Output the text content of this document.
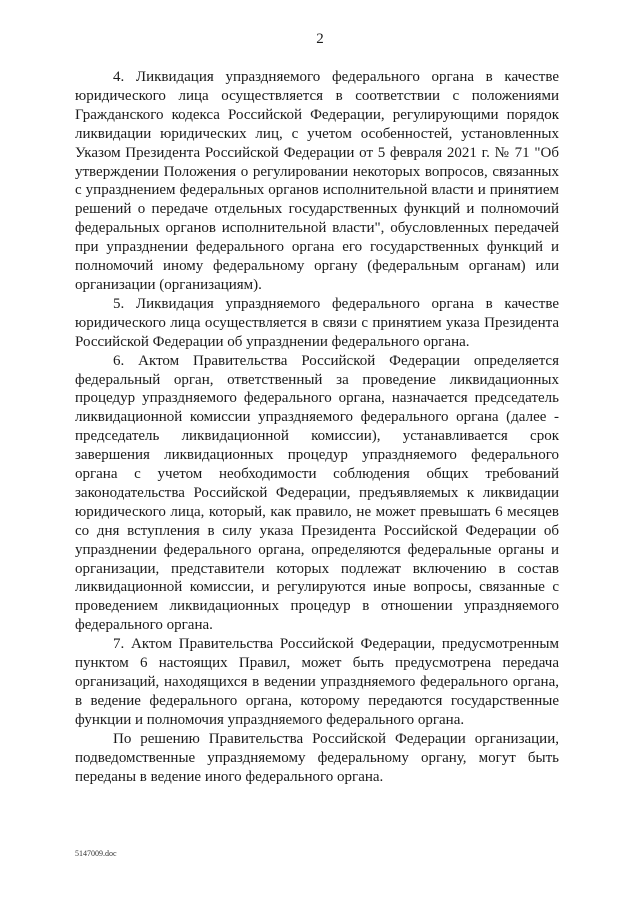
2

4. Ликвидация упраздняемого федерального органа в качестве юридического лица осуществляется в соответствии с положениями Гражданского кодекса Российской Федерации, регулирующими порядок ликвидации юридических лиц, с учетом особенностей, установленных Указом Президента Российской Федерации от 5 февраля 2021 г. № 71 "Об утверждении Положения о регулировании некоторых вопросов, связанных с упразднением федеральных органов исполнительной власти и принятием решений о передаче отдельных государственных функций и полномочий федеральных органов исполнительной власти", обусловленных передачей при упразднении федерального органа его государственных функций и полномочий иному федеральному органу (федеральным органам) или организации (организациям).

5. Ликвидация упраздняемого федерального органа в качестве юридического лица осуществляется в связи с принятием указа Президента Российской Федерации об упразднении федерального органа.

6. Актом Правительства Российской Федерации определяется федеральный орган, ответственный за проведение ликвидационных процедур упраздняемого федерального органа, назначается председатель ликвидационной комиссии упраздняемого федерального органа (далее - председатель ликвидационной комиссии), устанавливается срок завершения ликвидационных процедур упраздняемого федерального органа с учетом необходимости соблюдения общих требований законодательства Российской Федерации, предъявляемых к ликвидации юридического лица, который, как правило, не может превышать 6 месяцев со дня вступления в силу указа Президента Российской Федерации об упразднении федерального органа, определяются федеральные органы и организации, представители которых подлежат включению в состав ликвидационной комиссии, и регулируются иные вопросы, связанные с проведением ликвидационных процедур в отношении упраздняемого федерального органа.

7. Актом Правительства Российской Федерации, предусмотренным пунктом 6 настоящих Правил, может быть предусмотрена передача организаций, находящихся в ведении упраздняемого федерального органа, в ведение федерального органа, которому передаются государственные функции и полномочия упраздняемого федерального органа.

По решению Правительства Российской Федерации организации, подведомственные упраздняемому федеральному органу, могут быть переданы в ведение иного федерального органа.

5147009.doc
